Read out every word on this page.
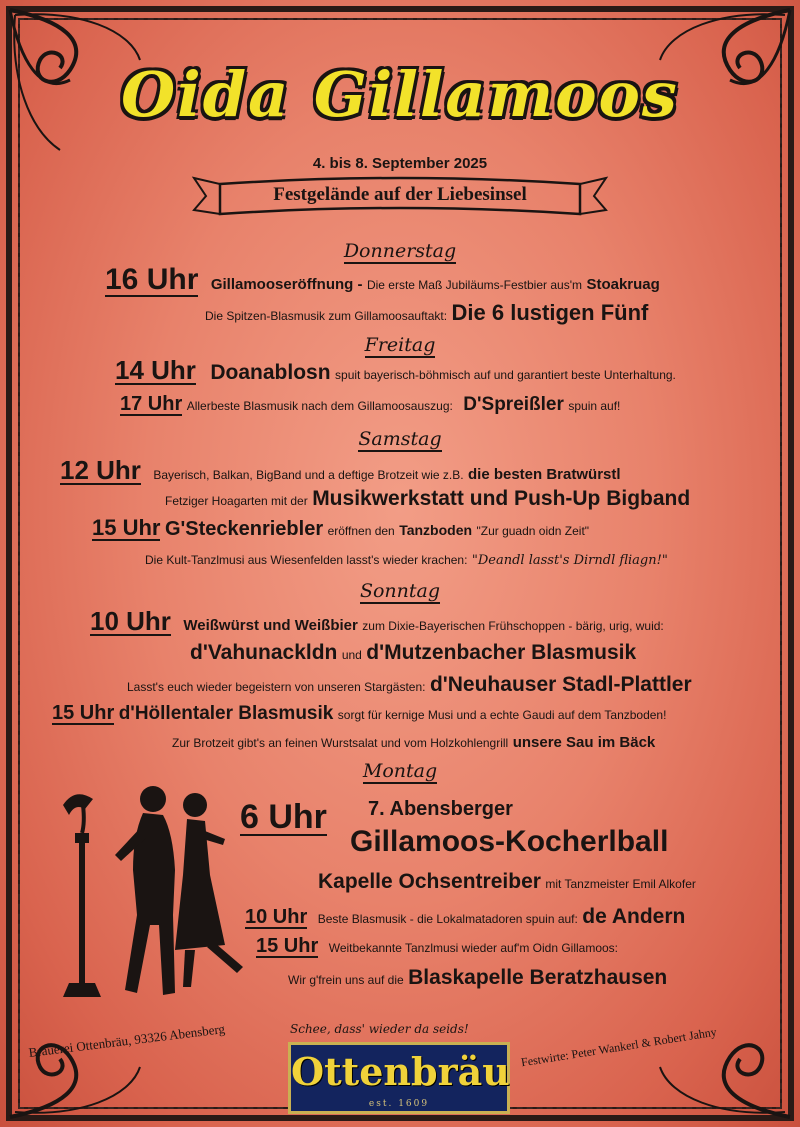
Oida Gillamoos
4. bis 8. September 2025
Festgelände auf der Liebesinsel
Donnerstag
16 Uhr Gillamooseröffnung - Die erste Maß Jubiläums-Festbier aus'm Stoakruag
Die Spitzen-Blasmusik zum Gillamoosauftakt: Die 6 lustigen Fünf
Freitag
14 Uhr Doanablosn spuit bayerisch-böhmisch auf und garantiert beste Unterhaltung.
17 Uhr Allerbeste Blasmusik nach dem Gillamoosauszug: D'Spreißler spuin auf!
Samstag
12 Uhr Bayerisch, Balkan, BigBand und a deftige Brotzeit wie z.B. die besten Bratwürstl
Fetziger Hoagarten mit der Musikwerkstatt und Push-Up Bigband
15 Uhr G'Steckenriebler eröffnen den Tanzboden "Zur guadn oidn Zeit"
Die Kult-Tanzlmusi aus Wiesenfelden lasst's wieder krachen: "Deandl lasst's Dirndl fliagn!"
Sonntag
10 Uhr Weißwürst und Weißbier zum Dixie-Bayerischen Frühschoppen - bärig, urig, wuid:
d'Vahunackldn und d'Mutzenbacher Blasmusik
Lasst's euch wieder begeistern von unseren Stargästen: d'Neuhauser Stadl-Plattler
15 Uhr d'Höllentaler Blasmusik sorgt für kernige Musi und a echte Gaudi auf dem Tanzboden!
Zur Brotzeit gibt's an feinen Wurstsalat und vom Holzkohlengrill unsere Sau im Bäck
Montag
6 Uhr 7. Abensberger
Gillamoos-Kocherlball
Kapelle Ochsentreiber mit Tanzmeister Emil Alkofer
10 Uhr Beste Blasmusik - die Lokalmatadoren spuin auf: de Andern
15 Uhr Weitbekannte Tanzlmusi wieder auf'm Oidn Gillamoos:
Wir g'frein uns auf die Blaskapelle Beratzhausen
Brauerei Ottenbräu, 93326 Abensberg	Schee, dass' wieder da seids!	Festwirte: Peter Wankerl & Robert Jahny
Ottenbräu
est. 1609
